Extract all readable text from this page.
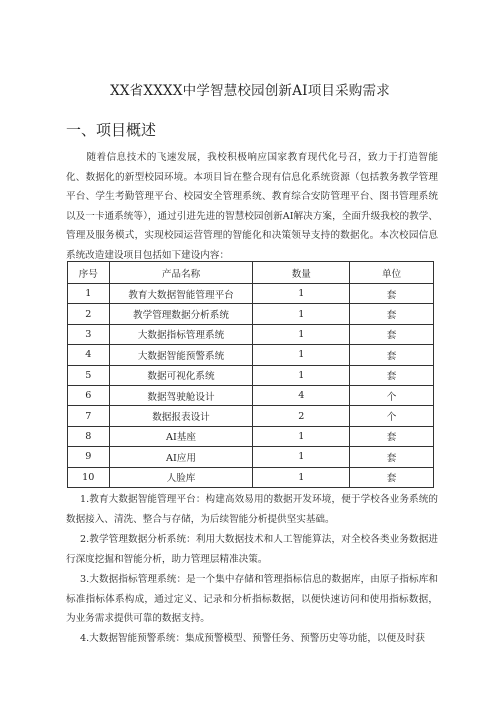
XX省XXXX中学智慧校园创新AI项目采购需求
一、项目概述
随着信息技术的飞速发展，我校积极响应国家教育现代化号召，致力于打造智能化、数据化的新型校园环境。本项目旨在整合现有信息化系统资源（包括教务教学管理平台、学生考勤管理平台、校园安全管理系统、教育综合安防管理平台、图书管理系统以及一卡通系统等），通过引进先进的智慧校园创新AI解决方案，全面升级我校的教学、管理及服务模式，实现校园运营管理的智能化和决策领导支持的数据化。本次校园信息系统改造建设项目包括如下建设内容：
序号	产品名称	数量	单位
1	教育大数据智能管理平台	1	套
2	教学管理数据分析系统	1	套
3	大数据指标管理系统	1	套
4	大数据智能预警系统	1	套
5	数据可视化系统	1	套
6	数据驾驶舱设计	4	个
7	数据报表设计	2	个
8	AI基座	1	套
9	AI应用	1	套
10	人脸库	1	套
1.教育大数据智能管理平台：构建高效易用的数据开发环境，便于学校各业务系统的数据接入、清洗、整合与存储，为后续智能分析提供坚实基础。
2.教学管理数据分析系统：利用大数据技术和人工智能算法，对全校各类业务数据进行深度挖掘和智能分析，助力管理层精准决策。
3.大数据指标管理系统：是一个集中存储和管理指标信息的数据库，由原子指标库和标准指标体系构成，通过定义、记录和分析指标数据，以便快速访问和使用指标数据，为业务需求提供可靠的数据支持。
4.大数据智能预警系统：集成预警模型、预警任务、预警历史等功能，以便及时获
